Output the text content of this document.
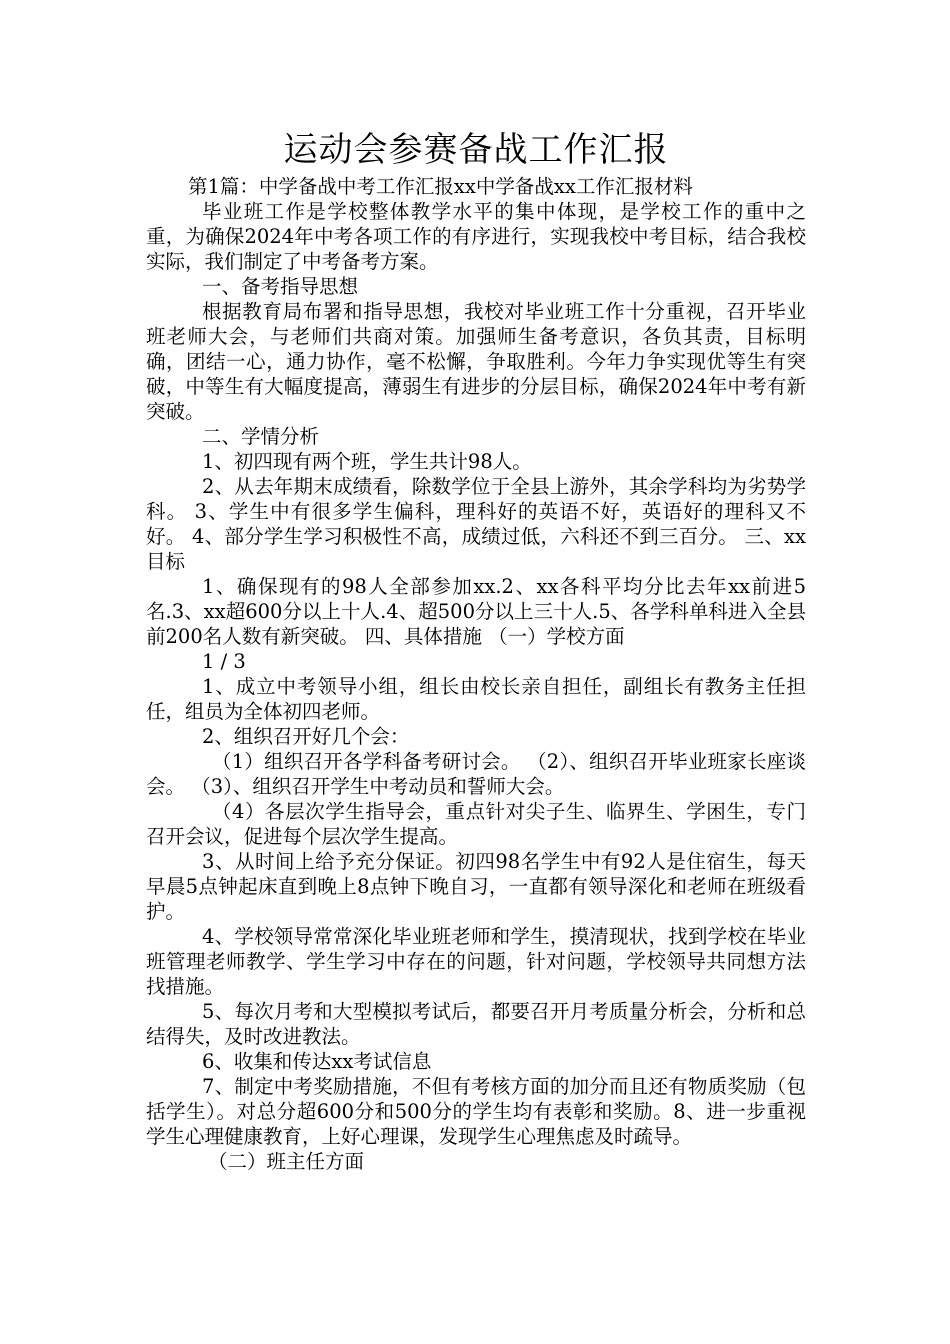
运动会参赛备战工作汇报

第1篇：中学备战中考工作汇报xx中学备战xx工作汇报材料

毕业班工作是学校整体教学水平的集中体现，是学校工作的重中之重，为确保2024年中考各项工作的有序进行，实现我校中考目标，结合我校实际，我们制定了中考备考方案。

一、备考指导思想

根据教育局布署和指导思想，我校对毕业班工作十分重视，召开毕业班老师大会，与老师们共商对策。加强师生备考意识，各负其责，目标明确，团结一心，通力协作，毫不松懈，争取胜利。今年力争实现优等生有突破，中等生有大幅度提高，薄弱生有进步的分层目标，确保2024年中考有新突破。

二、学情分析

1、初四现有两个班，学生共计98人。

2、从去年期末成绩看，除数学位于全县上游外，其余学科均为劣势学科。 3、学生中有很多学生偏科，理科好的英语不好，英语好的理科又不好。 4、部分学生学习积极性不高，成绩过低，六科还不到三百分。 三、xx目标

1、确保现有的98人全部参加xx.2、xx各科平均分比去年xx前进5名.3、xx超600分以上十人.4、超500分以上三十人.5、各学科单科进入全县前200名人数有新突破。 四、具体措施 （一）学校方面

1 / 3

1、成立中考领导小组，组长由校长亲自担任，副组长有教务主任担任，组员为全体初四老师。

2、组织召开好几个会：

（1）组织召开各学科备考研讨会。 （2）、组织召开毕业班家长座谈会。 （3）、组织召开学生中考动员和誓师大会。

（4）各层次学生指导会，重点针对尖子生、临界生、学困生，专门召开会议，促进每个层次学生提高。

3、从时间上给予充分保证。初四98名学生中有92人是住宿生，每天早晨5点钟起床直到晚上8点钟下晚自习，一直都有领导深化和老师在班级看护。

4、学校领导常常深化毕业班老师和学生，摸清现状，找到学校在毕业班管理老师教学、学生学习中存在的问题，针对问题，学校领导共同想方法找措施。

5、每次月考和大型模拟考试后，都要召开月考质量分析会，分析和总结得失，及时改进教法。

6、收集和传达xx考试信息

7、制定中考奖励措施，不但有考核方面的加分而且还有物质奖励（包括学生）。对总分超600分和500分的学生均有表彰和奖励。8、进一步重视学生心理健康教育，上好心理课，发现学生心理焦虑及时疏导。

（二）班主任方面
